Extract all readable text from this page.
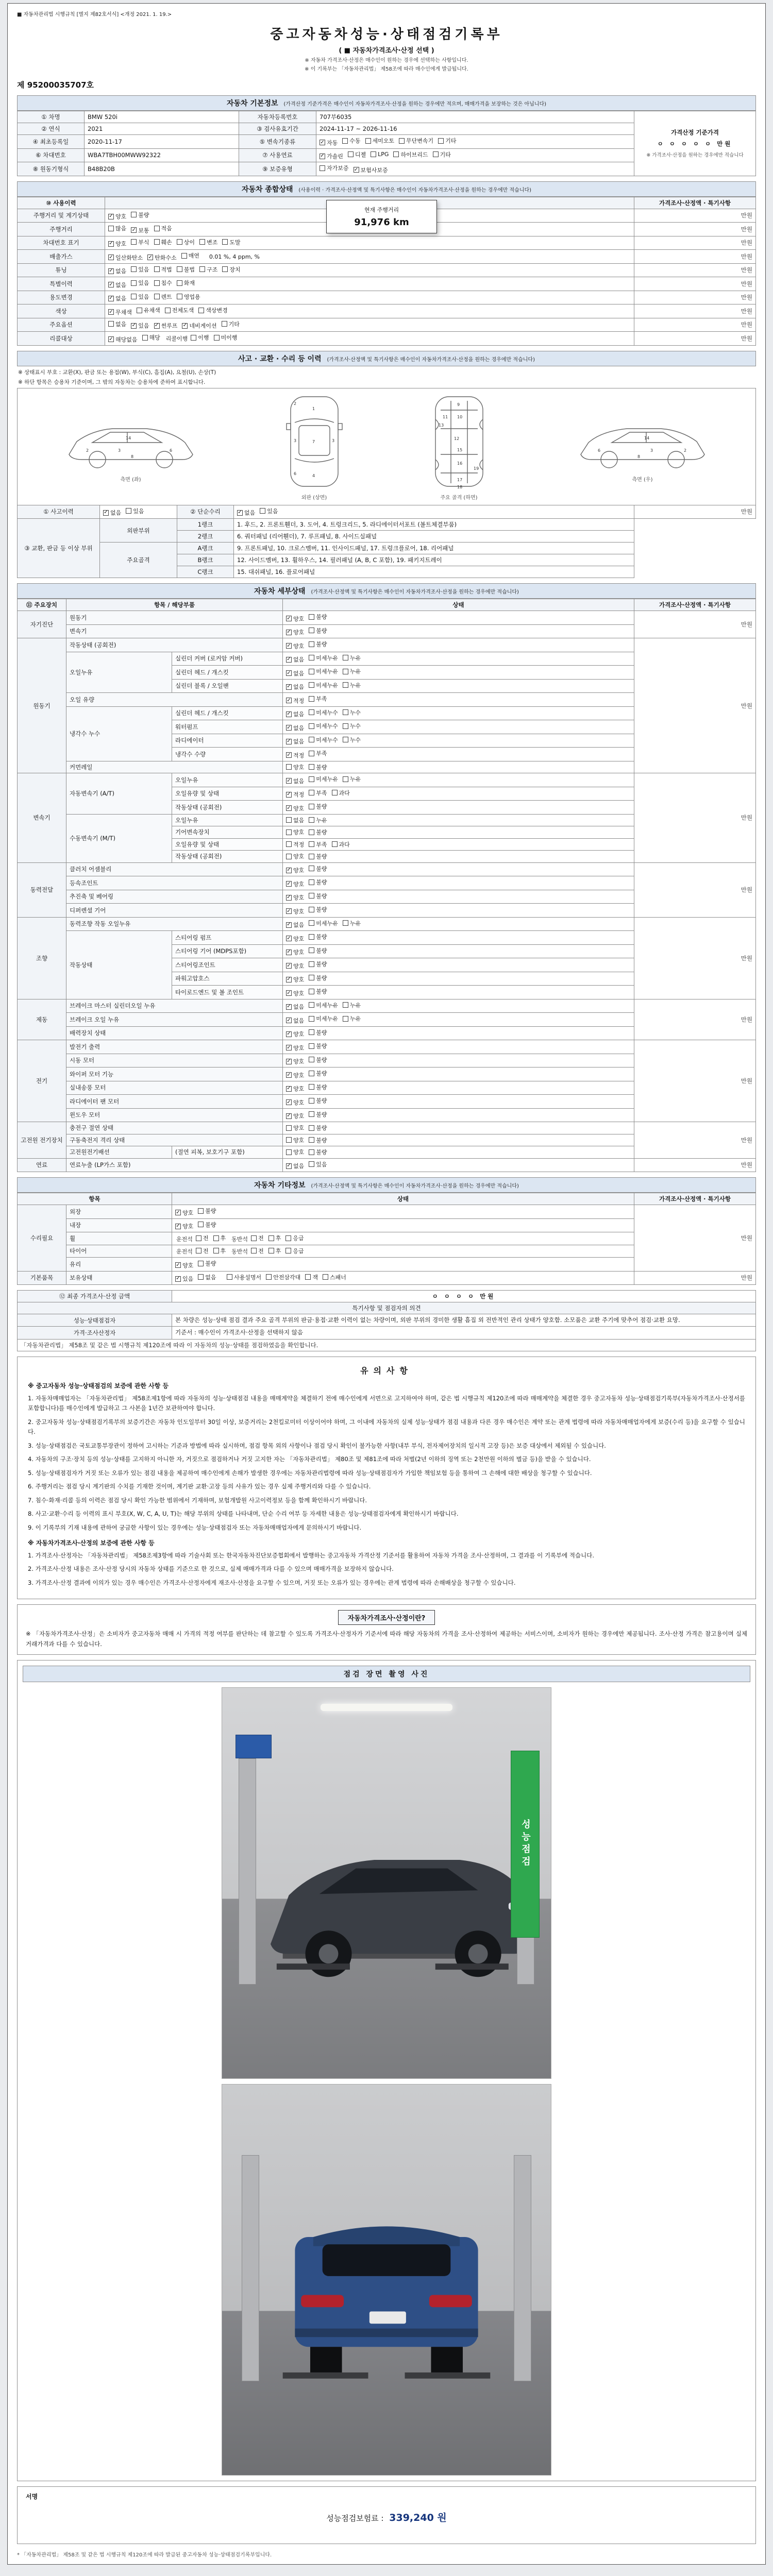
■ 자동차관리법 시행규칙 [별지 제82호서식] <개정 2021. 1. 19.>
중고자동차성능·상태점검기록부
( ■ 자동차가격조사·산정 선택 )
※ 자동차 가격조사·산정은 매수인이 원하는 경우에 선택하는 사항입니다.
※ 이 기록부는 「자동차관리법」 제58조에 따라 매수인에게 발급됩니다.
제 95200035707호
자동차 기본정보 (가격산정 기준가격은 매수인이 자동차가격조사·산정을 원하는 경우에만 적으며, 매매가격을 보장하는 것은 아닙니다)
① 차명	BMW 520i	자동차등록번호	707부6035	가격산정 기준가격
ㅇ ㅇ ㅇ ㅇ ㅇ 만원
※ 가격조사·산정을 원하는 경우에만 적습니다

② 연식	2021	③ 검사유효기간	2024-11-17 ~ 2026-11-16	
④ 최초등록일	2020-11-17	⑤ 변속기종류	✓ 자동 수동 세미오토 무단변속기 기타

⑥ 차대번호	WBA7TBH00MWW92322	⑦ 사용연료	✓ 가솔린 디젤 LPG 하이브리드 기타

⑧ 원동기형식	B48B20B	⑨ 보증유형	자가보증 ✓ 보험사보증	
자동차 종합상태 (사용이력 · 가격조사·산정액 및 특기사항은 매수인이 자동차가격조사·산정을 원하는 경우에만 적습니다)
⑩ 사용이력		가격조사·산정액 · 특기사항
주행거리 및 계기상태	✓ 양호 불량	만원
주행거리	많음 ✓ 보통 적음	만원
차대번호 표기	✓ 양호 부식 훼손 상이 변조 도말	만원
배출가스	✓ 일산화탄소 ✓ 탄화수소 매연 0.01 %, 4 ppm, %	만원
튜닝	✓ 없음 있음 적법 불법 구조 장치	만원
특별이력	✓ 없음 있음 침수 화재	만원
용도변경	✓ 없음 있음 렌트 영업용	만원
색상	✓ 무채색 유채색 전체도색 색상변경	만원
주요옵션	없음 ✓ 있음 ✓ 썬루프 ✓ 네비게이션 기타	만원
리콜대상	✓ 해당없음 해당 리콜이행 이행 미이행	만원
현재 주행거리
91,976 km
사고 · 교환 · 수리 등 이력 (가격조사·산정액 및 특기사항은 매수인이 자동차가격조사·산정을 원하는 경우에만 적습니다)
※ 상태표시 부호 : 교환(X), 판금 또는 용접(W), 부식(C), 흠집(A), 요철(U), 손상(T)
※ 하단 항목은 승용차 기준이며, 그 밖의 자동차는 승용차에 준하여 표시합니다.
14
3
8
2	6
측면 (좌)
1
7
4
2
3
6
3
외판 (상면)
9
10
11
12
13
15
16
17
18
19
주요 골격 (하면)
14
3
8
2
6
측면 (우)
① 사고이력	✓ 없음 있음	② 단순수리	✓ 없음 있음	만원
③ 교환, 판금 등 이상 부위	외판부위	1랭크	1. 후드, 2. 프론트휀더, 3. 도어, 4. 트렁크리드, 5. 라디에이터서포트 (볼트체결부품)	
		2랭크	6. 쿼터패널 (리어휀더), 7. 루프패널, 8. 사이드실패널	
	주요골격	A랭크	9. 프론트패널, 10. 크로스멤버, 11. 인사이드패널, 17. 트렁크플로어, 18. 리어패널	
		B랭크	12. 사이드멤버, 13. 휠하우스, 14. 필러패널 (A, B, C 포함), 19. 패키지트레이	
		C랭크	15. 대쉬패널, 16. 플로어패널	
자동차 세부상태 (가격조사·산정액 및 특기사항은 매수인이 자동차가격조사·산정을 원하는 경우에만 적습니다)
⑪ 주요장치	항목 / 해당부품		상태	가격조사·산정액 · 특기사항
자기진단	원동기		✓ 양호 불량	만원
	변속기		✓ 양호 불량	

원동기	작동상태 (공회전)		✓ 양호 불량	만원
	오일누유	실린더 커버 (로커암 커버)	✓ 없음 미세누유 누유	

		실린더 헤드 / 개스킷	✓ 없음 미세누유 누유	

		실린더 블록 / 오일팬	✓ 없음 미세누유 누유	

	오일 유량		✓ 적정 부족	

	냉각수 누수	실린더 헤드 / 개스킷	✓ 없음 미세누수 누수	

		워터펌프	✓ 없음 미세누수 누수	

		라디에이터	✓ 없음 미세누수 누수	

		냉각수 수량	✓ 적정 부족	

	커먼레일		양호 불량	

변속기	자동변속기 (A/T)	오일누유	✓ 없음 미세누유 누유	만원
		오일유량 및 상태	✓ 적정 부족 과다	

		작동상태 (공회전)	✓ 양호 불량	

	수동변속기 (M/T)	오일누유	없음 누유	

		기어변속장치	양호 불량	

		오일유량 및 상태	적정 부족 과다	

		작동상태 (공회전)	양호 불량	

동력전달	클러치 어셈블리		✓ 양호 불량	만원
	등속조인트		✓ 양호 불량	

	추진축 및 베어링		✓ 양호 불량	

	디퍼렌셜 기어		✓ 양호 불량	

조향	동력조향 작동 오일누유		✓ 없음 미세누유 누유	만원
	작동상태	스티어링 펌프	✓ 양호 불량	

		스티어링 기어 (MDPS포함)	✓ 양호 불량	

		스티어링조인트	✓ 양호 불량	

		파워고압호스	✓ 양호 불량	

		타이로드엔드 및 볼 조인트	✓ 양호 불량	

제동	브레이크 마스터 실린더오일 누유		✓ 없음 미세누유 누유	만원
	브레이크 오일 누유		✓ 없음 미세누유 누유	

	배력장치 상태		✓ 양호 불량	

전기	발전기 출력		✓ 양호 불량	만원
	시동 모터		✓ 양호 불량	

	와이퍼 모터 기능		✓ 양호 불량	

	실내송풍 모터		✓ 양호 불량	

	라디에이터 팬 모터		✓ 양호 불량	

	윈도우 모터		✓ 양호 불량	

고전원 전기장치	충전구 절연 상태		양호 불량	만원
	구동축전지 격리 상태		양호 불량	

	고전원전기배선	(절연 피복, 보호기구 포함)	양호 불량	

연료	연료누출 (LP가스 포함)		✓ 없음 있음	만원
자동차 기타정보 (가격조사·산정액 및 특기사항은 매수인이 자동차가격조사·산정을 원하는 경우에만 적습니다)
항목		상태	가격조사·산정액 · 특기사항
수리필요	외장	✓ 양호 불량	만원
	내장	✓ 양호 불량	

휠	운전석 전 후 동반석 전 후 응급

타이어	운전석 전 후 동반석 전 후 응급

	유리	✓ 양호 불량	

기본품목	보유상태	✓ 있음 없음
	사용설명서 안전삼각대 잭 스패너	만원
⑫ 최종 가격조사·산정 금액	ㅇ ㅇ ㅇ ㅇ 만원
특기사항 및 점검자의 의견	
성능·상태점검자	본 차량은 성능·상태 점검 결과 주요 골격 부위의 판금·용접·교환 이력이 없는 차량이며, 외판 부위의 경미한 생활 흠집 외 전반적인 관리 상태가 양호함. 소모품은 교환 주기에 맞추어 점검·교환 요망.
가격·조사산정자	기준서 : 매수인이 가격조사·산정을 선택하지 않음
「자동차관리법」 제58조 및 같은 법 시행규칙 제120조에 따라 이 자동차의 성능·상태를 점검하였음을 확인합니다.	
유의사항
※ 중고자동차 성능·상태점검의 보증에 관한 사항 등
1. 자동차매매업자는 「자동차관리법」 제58조제1항에 따라 자동차의 성능·상태점검 내용을 매매계약을 체결하기 전에 매수인에게 서면으로 고지하여야 하며, 같은 법 시행규칙 제120조에 따라 매매계약을 체결한 경우 중고자동차 성능·상태점검기록부(자동차가격조사·산정서를 포함합니다)를 매수인에게 발급하고 그 사본을 1년간 보관하여야 합니다.
2. 중고자동차 성능·상태점검기록부의 보증기간은 자동차 인도일부터 30일 이상, 보증거리는 2천킬로미터 이상이어야 하며, 그 이내에 자동차의 실제 성능·상태가 점검 내용과 다른 경우 매수인은 계약 또는 관계 법령에 따라 자동차매매업자에게 보증(수리 등)을 요구할 수 있습니다.
3. 성능·상태점검은 국토교통부장관이 정하여 고시하는 기준과 방법에 따라 실시하며, 점검 항목 외의 사항이나 점검 당시 확인이 불가능한 사항(내부 부식, 전자제어장치의 일시적 고장 등)은 보증 대상에서 제외될 수 있습니다.
4. 자동차의 구조·장치 등의 성능·상태를 고지하지 아니한 자, 거짓으로 점검하거나 거짓 고지한 자는 「자동차관리법」 제80조 및 제81조에 따라 처벌(2년 이하의 징역 또는 2천만원 이하의 벌금 등)을 받을 수 있습니다.
5. 성능·상태점검자가 거짓 또는 오류가 있는 점검 내용을 제공하여 매수인에게 손해가 발생한 경우에는 자동차관리법령에 따라 성능·상태점검자가 가입한 책임보험 등을 통하여 그 손해에 대한 배상을 청구할 수 있습니다.
6. 주행거리는 점검 당시 계기판의 수치를 기재한 것이며, 계기판 교환·고장 등의 사유가 있는 경우 실제 주행거리와 다를 수 있습니다.
7. 침수·화재·리콜 등의 이력은 점검 당시 확인 가능한 범위에서 기재하며, 보험개발원 사고이력정보 등을 함께 확인하시기 바랍니다.
8. 사고·교환·수리 등 이력의 표시 부호(X, W, C, A, U, T)는 해당 부위의 상태를 나타내며, 단순 수리 여부 등 자세한 내용은 성능·상태점검자에게 확인하시기 바랍니다.
9. 이 기록부의 기재 내용에 관하여 궁금한 사항이 있는 경우에는 성능·상태점검자 또는 자동차매매업자에게 문의하시기 바랍니다.
※ 자동차가격조사·산정의 보증에 관한 사항 등
1. 가격조사·산정자는 「자동차관리법」 제58조제3항에 따라 기술사회 또는 한국자동차진단보증협회에서 발행하는 중고자동차 가격산정 기준서를 활용하여 자동차 가격을 조사·산정하며, 그 결과를 이 기록부에 적습니다.
2. 가격조사·산정 내용은 조사·산정 당시의 자동차 상태를 기준으로 한 것으로, 실제 매매가격과 다를 수 있으며 매매가격을 보장하지 않습니다.
3. 가격조사·산정 결과에 이의가 있는 경우 매수인은 가격조사·산정자에게 재조사·산정을 요구할 수 있으며, 거짓 또는 오류가 있는 경우에는 관계 법령에 따라 손해배상을 청구할 수 있습니다.
자동차가격조사·산정이란?
※ 「자동차가격조사·산정」은 소비자가 중고자동차 매매 시 가격의 적정 여부를 판단하는 데 참고할 수 있도록 가격조사·산정자가 기준서에 따라 해당 자동차의 가격을 조사·산정하여 제공하는 서비스이며, 소비자가 원하는 경우에만 제공됩니다. 조사·산정 가격은 참고용이며 실제 거래가격과 다를 수 있습니다.
점검 장면 촬영 사진
성능점검
서명
성능점검보험료 : 339,240 원
* 「자동차관리법」 제58조 및 같은 법 시행규칙 제120조에 따라 발급된 중고자동차 성능·상태점검기록부입니다.
